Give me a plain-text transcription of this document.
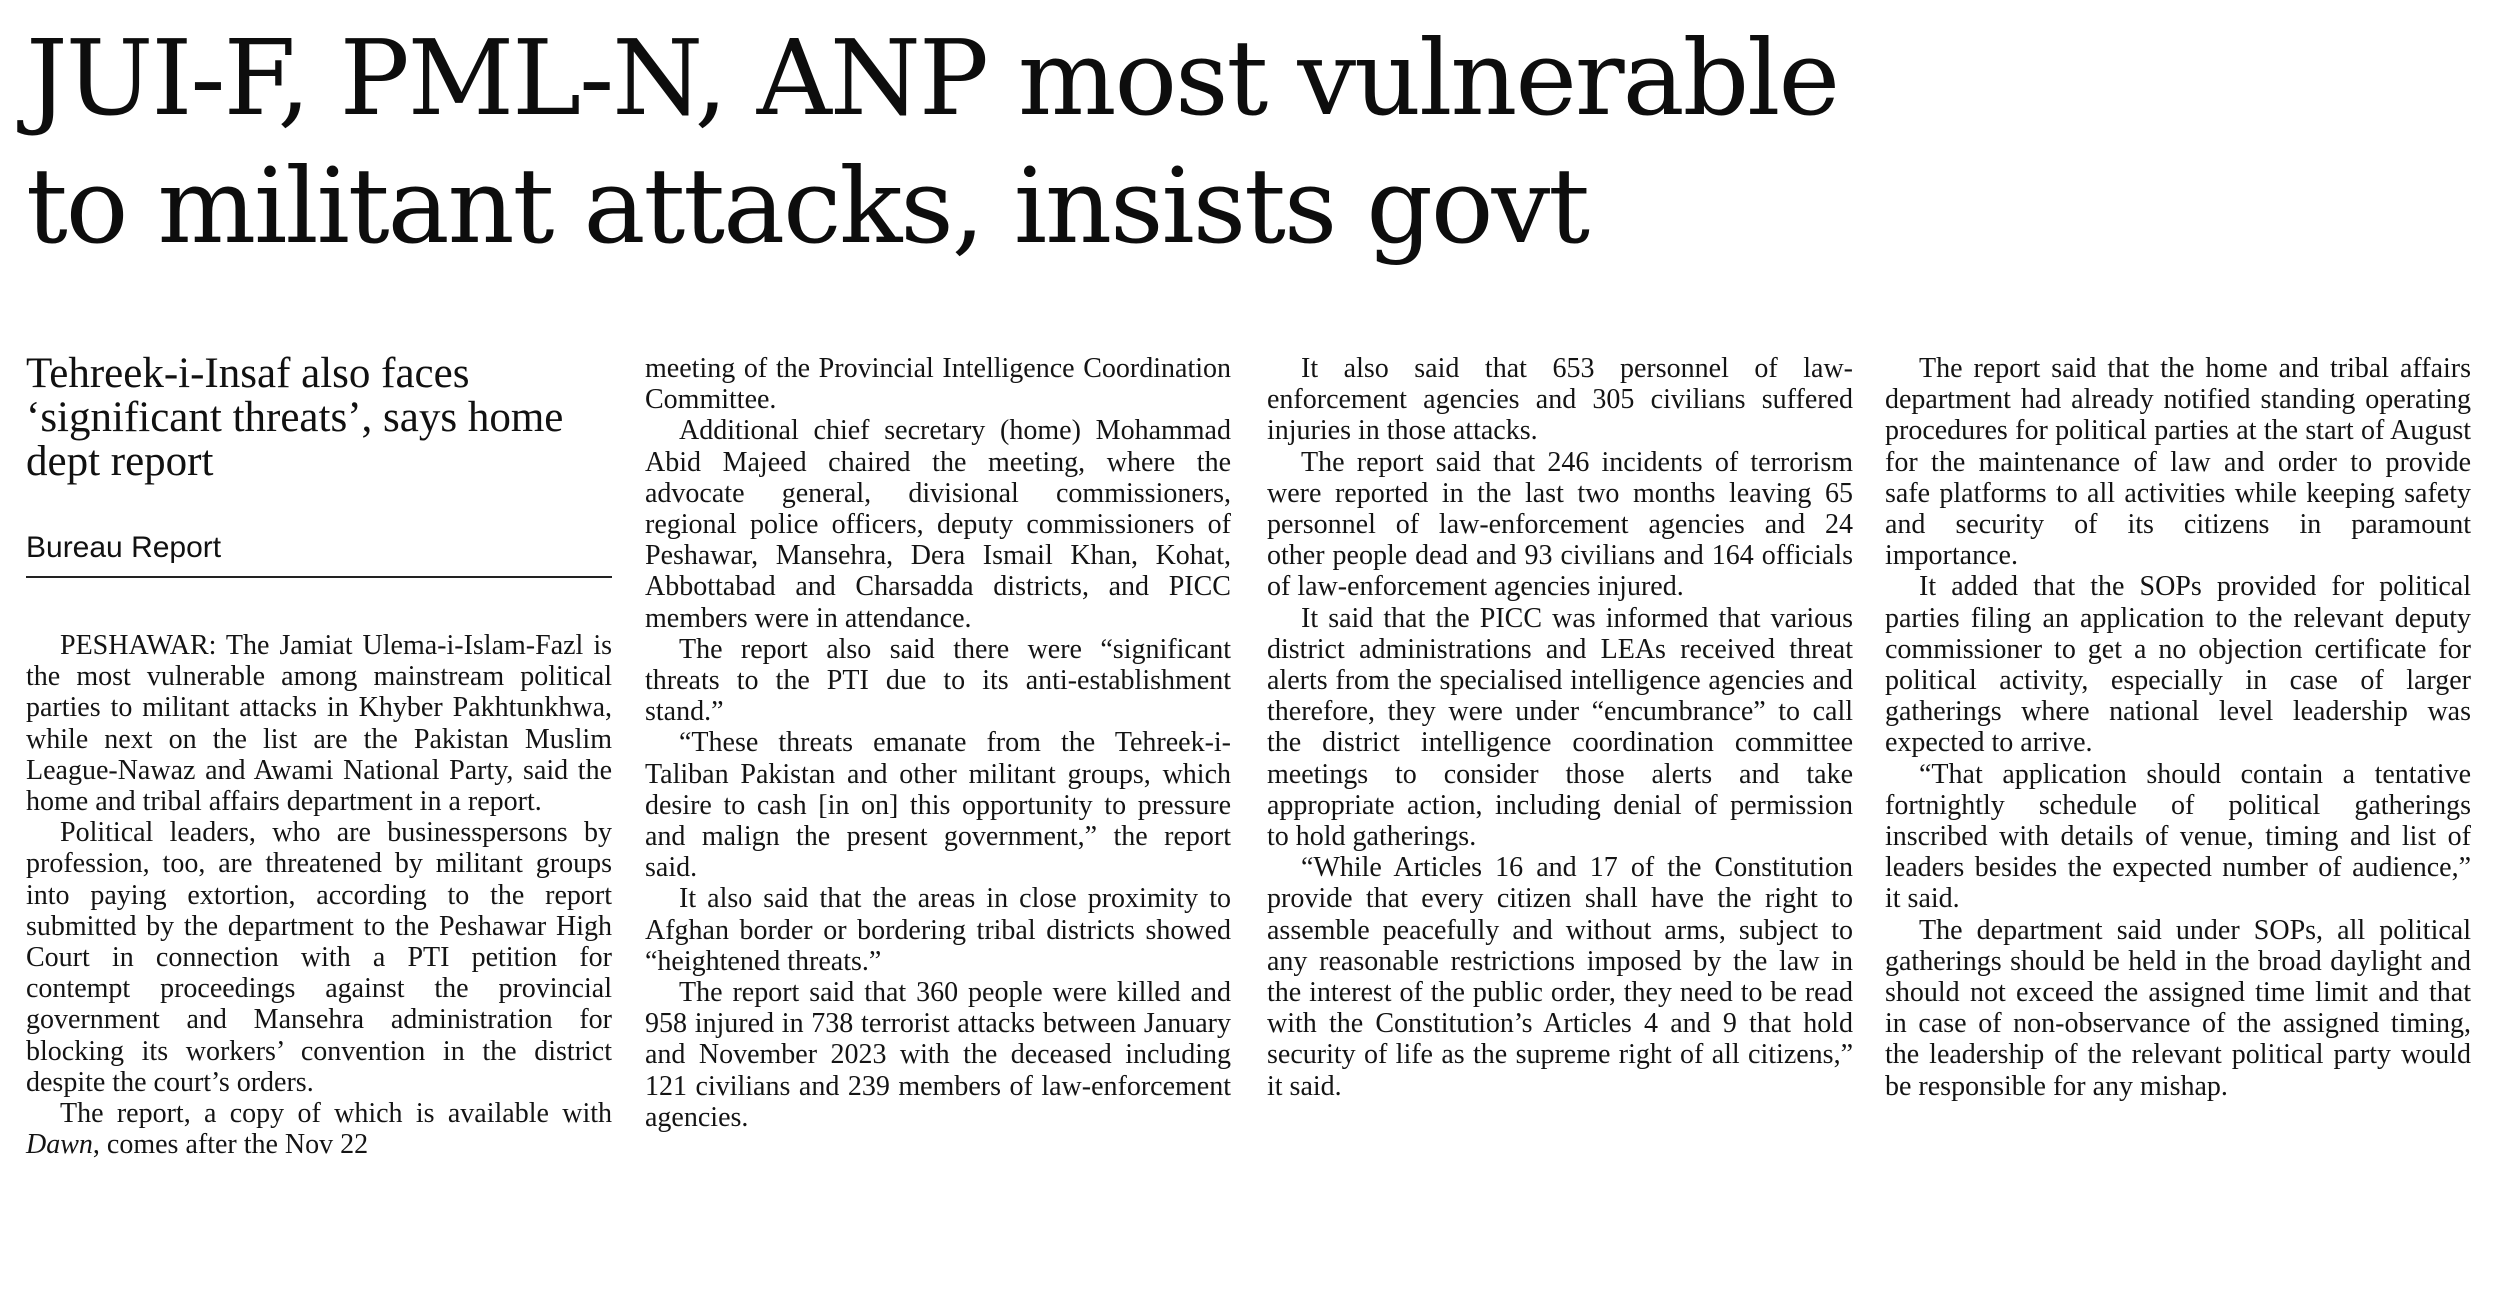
JUI-F, PML-N, ANP most vulnerable
to militant attacks, insists govt
Tehreek-i-Insaf also faces ‘significant threats’, says home dept report
Bureau Report

PESHAWAR: The Jamiat Ulema-i-Islam-Fazl is the most vulnerable among mainstream political parties to militant attacks in Khyber Pakhtunkhwa, while next on the list are the Pakistan Muslim League-Nawaz and Awami National Party, said the home and tribal affairs department in a report.

Political leaders, who are businesspersons by profession, too, are threatened by militant groups into paying extortion, according to the report submitted by the department to the Peshawar High Court in connection with a PTI petition for contempt proceedings against the provincial government and Mansehra administration for blocking its workers’ convention in the district despite the court’s orders.

The report, a copy of which is available with Dawn, comes after the Nov 22

meeting of the Provincial Intelligence Coordination Committee.

Additional chief secretary (home) Mohammad Abid Majeed chaired the meeting, where the advocate general, divisional commissioners, regional police officers, deputy commissioners of Peshawar, Mansehra, Dera Ismail Khan, Kohat, Abbottabad and Charsadda districts, and PICC members were in attendance.

The report also said there were “significant threats to the PTI due to its anti-establishment stand.”

“These threats emanate from the Tehreek-i-Taliban Pakistan and other militant groups, which desire to cash [in on] this opportunity to pressure and malign the present government,” the report said.

It also said that the areas in close proximity to Afghan border or bordering tribal districts showed “heightened threats.”

The report said that 360 people were killed and 958 injured in 738 terrorist attacks between January and November 2023 with the deceased including 121 civilians and 239 members of law-enforcement agencies.

It also said that 653 personnel of law-enforcement agencies and 305 civilians suffered injuries in those attacks.

The report said that 246 incidents of terrorism were reported in the last two months leaving 65 personnel of law-enforcement agencies and 24 other people dead and 93 civilians and 164 officials of law-enforcement agencies injured.

It said that the PICC was informed that various district administrations and LEAs received threat alerts from the specialised intelligence agencies and therefore, they were under “encumbrance” to call the district intelligence coordination committee meetings to consider those alerts and take appropriate action, including denial of permission to hold gatherings.

“While Articles 16 and 17 of the Constitution provide that every citizen shall have the right to assemble peacefully and without arms, subject to any reasonable restrictions imposed by the law in the interest of the public order, they need to be read with the Constitution’s Articles 4 and 9 that hold security of life as the supreme right of all citizens,” it said.

The report said that the home and tribal affairs department had already notified standing operating procedures for political parties at the start of August for the maintenance of law and order to provide safe platforms to all activities while keeping safety and security of its citizens in paramount importance.

It added that the SOPs provided for political parties filing an application to the relevant deputy commissioner to get a no objection certificate for political activity, especially in case of larger gatherings where national level leadership was expected to arrive.

“That application should contain a tentative fortnightly schedule of political gatherings inscribed with details of venue, timing and list of leaders besides the expected number of audience,” it said.

The department said under SOPs, all political gatherings should be held in the broad daylight and should not exceed the assigned time limit and that in case of non-observance of the assigned timing, the leadership of the relevant political party would be responsible for any mishap.
